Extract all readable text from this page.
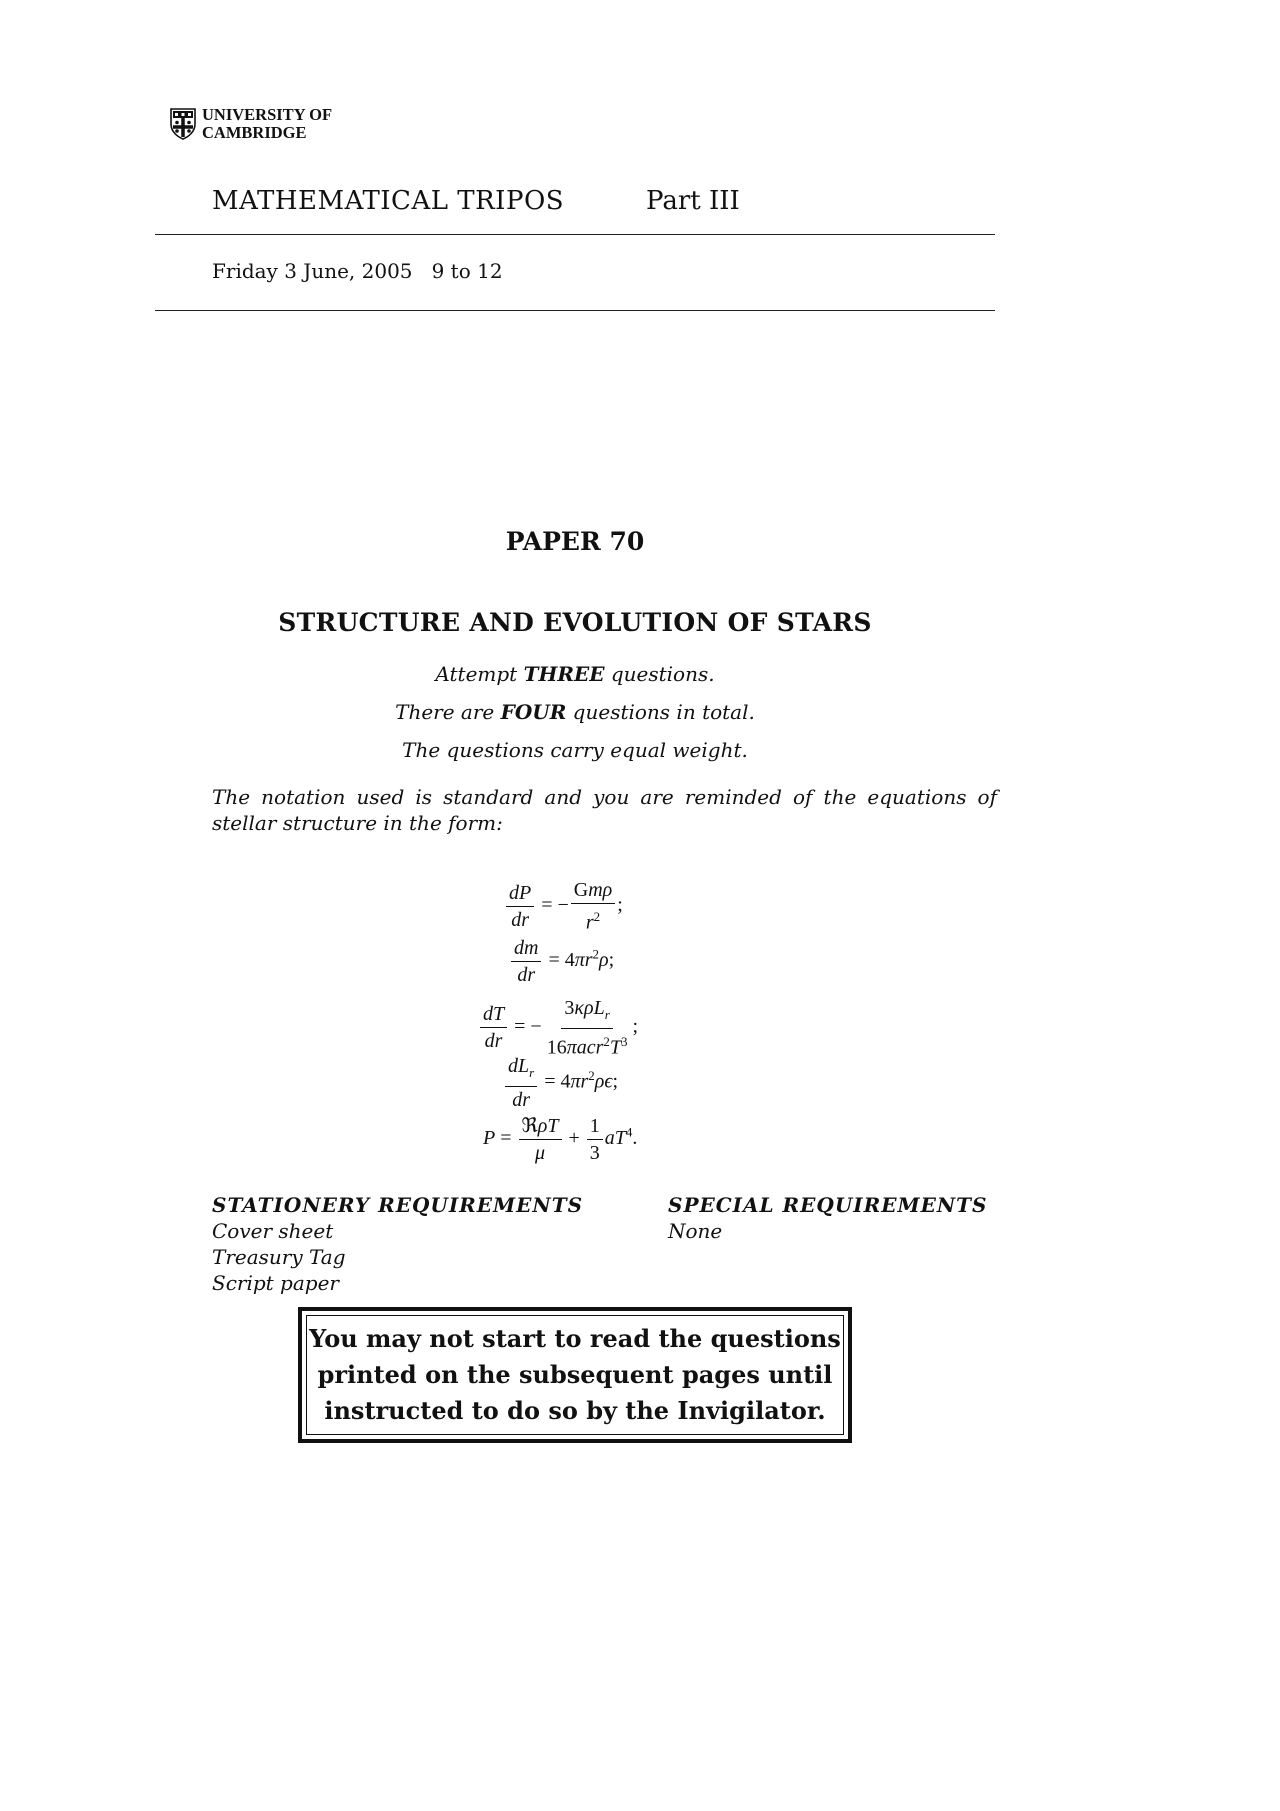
UNIVERSITY OF
CAMBRIDGE
MATHEMATICAL TRIPOS	Part III
Friday 3 June, 2005   9 to 12
PAPER 70
STRUCTURE AND EVOLUTION OF STARS
Attempt THREE questions.
There are FOUR questions in total.
The questions carry equal weight.
The notation used is standard and you are reminded of the equations of stellar structure in the form:
$\frac{dP}{dr}$ = − $\frac{\text{Gmρ}}{r^2}$ ;
$\frac{dm}{dr} = 4\pi r^2\rho$;
$\frac{dT}{dr}$ = − $\frac{3\kappa\rho L_r}{16\pi acr^2T^3}$ ;
$\frac{dL_r}{dr} = 4\pi r^2\rho\epsilon$;
$P = \frac{\text{ℜρT}}{\mu} + \frac{1}{3} aT^4$.
STATIONERY REQUIREMENTS
Cover sheet
Treasury Tag
Script paper
SPECIAL REQUIREMENTS
None
You may not start to read the questions
printed on the subsequent pages until
instructed to do so by the Invigilator.
